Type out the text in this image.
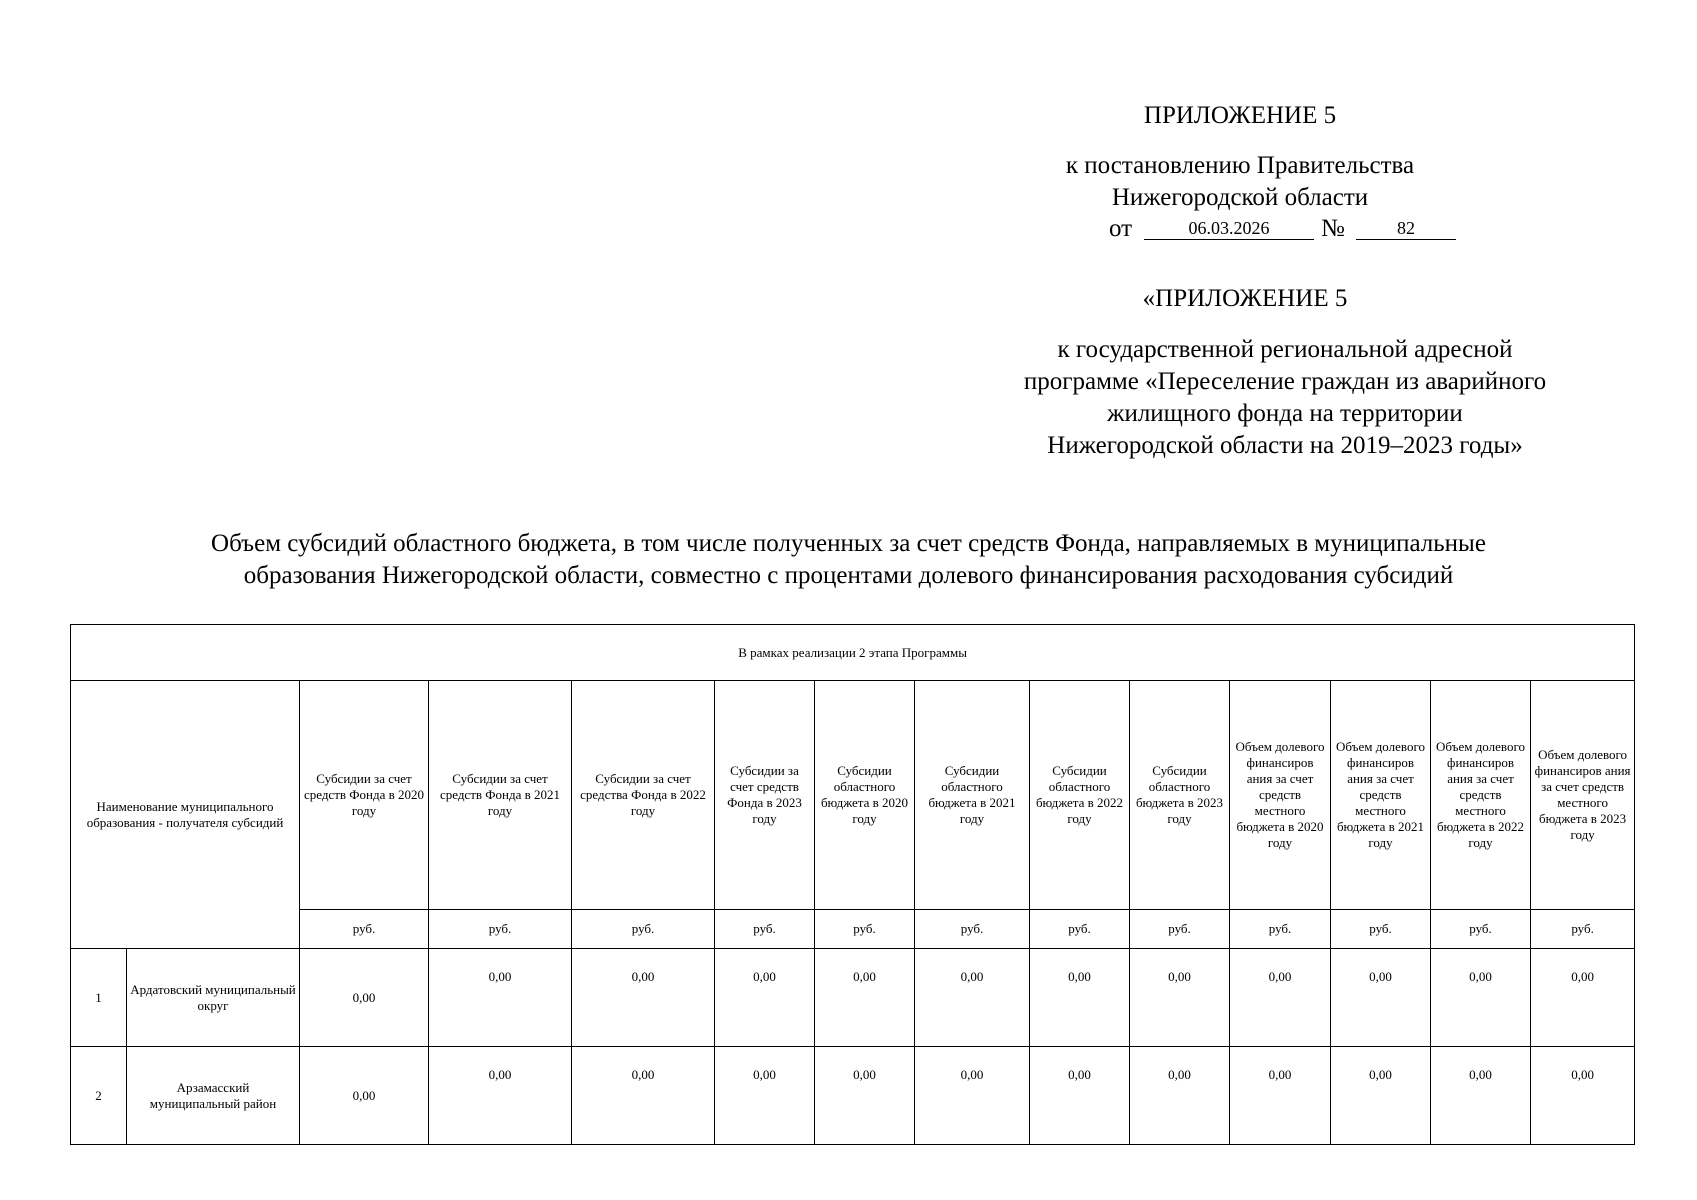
ПРИЛОЖЕНИЕ 5
к постановлению Правительства
Нижегородской области
от	06.03.2026	№	82
«ПРИЛОЖЕНИЕ 5
к государственной региональной адресной
программе «Переселение граждан из аварийного
жилищного фонда на территории
Нижегородской области на 2019–2023 годы»
Объем субсидий областного бюджета, в том числе полученных за счет средств Фонда, направляемых в муниципальные
образования Нижегородской области, совместно с процентами долевого финансирования расходования субсидий
В рамках реализации 2 этапа Программы													
Наименование муниципального образования - получателя субсидий		Субсидии за счет средств Фонда в 2020 году	Субсидии за счет средств Фонда в 2021 году	Субсидии за счет средства Фонда в 2022 году	Субсидии за счет средств Фонда в 2023 году	Субсидии областного бюджета в 2020 году	Субсидии областного бюджета в 2021 году	Субсидии областного бюджета в 2022 году	Субсидии областного бюджета в 2023 году	Объем долевого финансиров ания за счет средств местного бюджета в 2020 году	Объем долевого финансиров ания за счет средств местного бюджета в 2021 году	Объем долевого финансиров ания за счет средств местного бюджета в 2022 году	Объем долевого финансиров ания за счет средств местного бюджета в 2023 году
		руб.	руб.	руб.	руб.	руб.	руб.	руб.	руб.	руб.	руб.	руб.	руб.
1	Ардатовский муниципальный округ	0,00	0,00	0,00	0,00	0,00	0,00	0,00	0,00	0,00	0,00	0,00	0,00
2	Арзамасский муниципальный район	0,00	0,00	0,00	0,00	0,00	0,00	0,00	0,00	0,00	0,00	0,00	0,00
